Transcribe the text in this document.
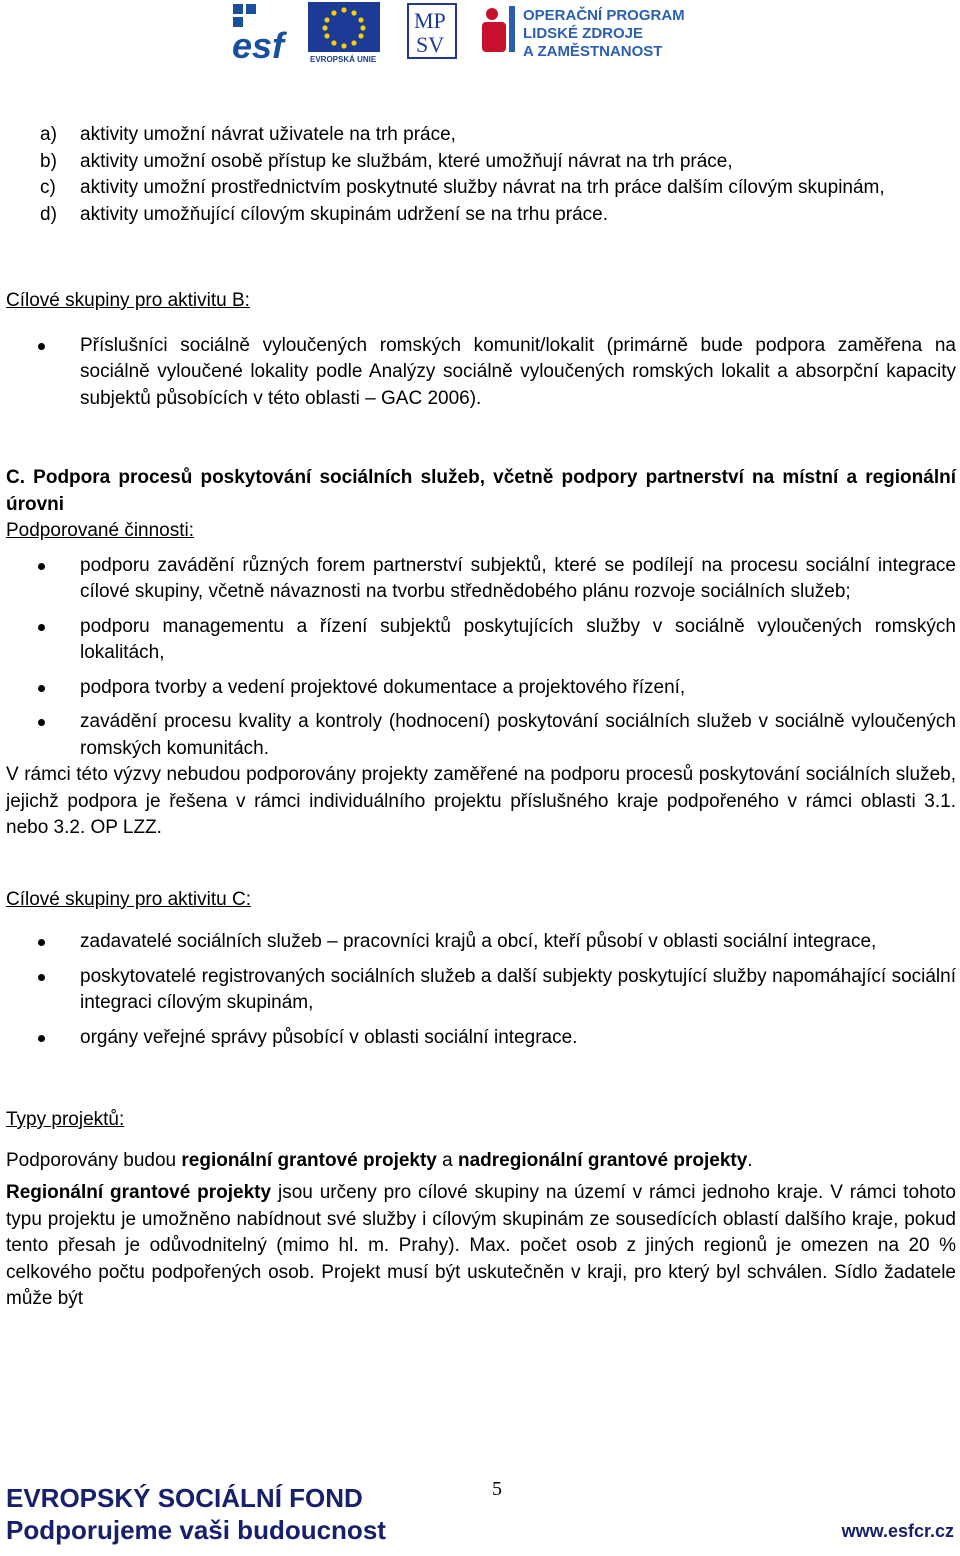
esf	EVROPSKÁ UNIE
MP
SV
OPERAČNÍ PROGRAM
LIDSKÉ ZDROJE
A ZAMĚSTNANOST
a) aktivity umožní návrat uživatele na trh práce,
b) aktivity umožní osobě přístup ke službám, které umožňují návrat na trh práce,
c) aktivity umožní prostřednictvím poskytnuté služby návrat na trh práce dalším cílovým skupinám,
d) aktivity umožňující cílovým skupinám udržení se na trhu práce.
Cílové skupiny pro aktivitu B:
Příslušníci sociálně vyloučených romských komunit/lokalit (primárně bude podpora zaměřena na sociálně vyloučené lokality podle Analýzy sociálně vyloučených romských lokalit a absorpční kapacity subjektů působících v této oblasti – GAC 2006).
C. Podpora procesů poskytování sociálních služeb, včetně podpory partnerství na místní a regionální úrovni
Podporované činnosti:
podporu zavádění různých forem partnerství subjektů, které se podílejí na procesu sociální integrace cílové skupiny, včetně návaznosti na tvorbu střednědobého plánu rozvoje sociálních služeb;
podporu managementu a řízení subjektů poskytujících služby v sociálně vyloučených romských lokalitách,
podpora tvorby a vedení projektové dokumentace a projektového řízení,
zavádění procesu kvality a kontroly (hodnocení) poskytování sociálních služeb v sociálně vyloučených romských komunitách.
V rámci této výzvy nebudou podporovány projekty zaměřené na podporu procesů poskytování sociálních služeb, jejichž podpora je řešena v rámci individuálního projektu příslušného kraje podpořeného v rámci oblasti 3.1. nebo 3.2. OP LZZ.
Cílové skupiny pro aktivitu C:
zadavatelé sociálních služeb – pracovníci krajů a obcí, kteří působí v oblasti sociální integrace,
poskytovatelé registrovaných sociálních služeb a další subjekty poskytující služby napomáhající sociální integraci cílovým skupinám,
orgány veřejné správy působící v oblasti sociální integrace.
Typy projektů:
Podporovány budou regionální grantové projekty a nadregionální grantové projekty.
Regionální grantové projekty jsou určeny pro cílové skupiny na území v rámci jednoho kraje. V rámci tohoto typu projektu je umožněno nabídnout své služby i cílovým skupinám ze sousedících oblastí dalšího kraje, pokud tento přesah je odůvodnitelný (mimo hl. m. Prahy). Max. počet osob z jiných regionů je omezen na 20 % celkového počtu podpořených osob. Projekt musí být uskutečněn v kraji, pro který byl schválen. Sídlo žadatele může být
EVROPSKÝ SOCIÁLNÍ FOND
Podporujeme vaši budoucnost
5
www.esfcr.cz
